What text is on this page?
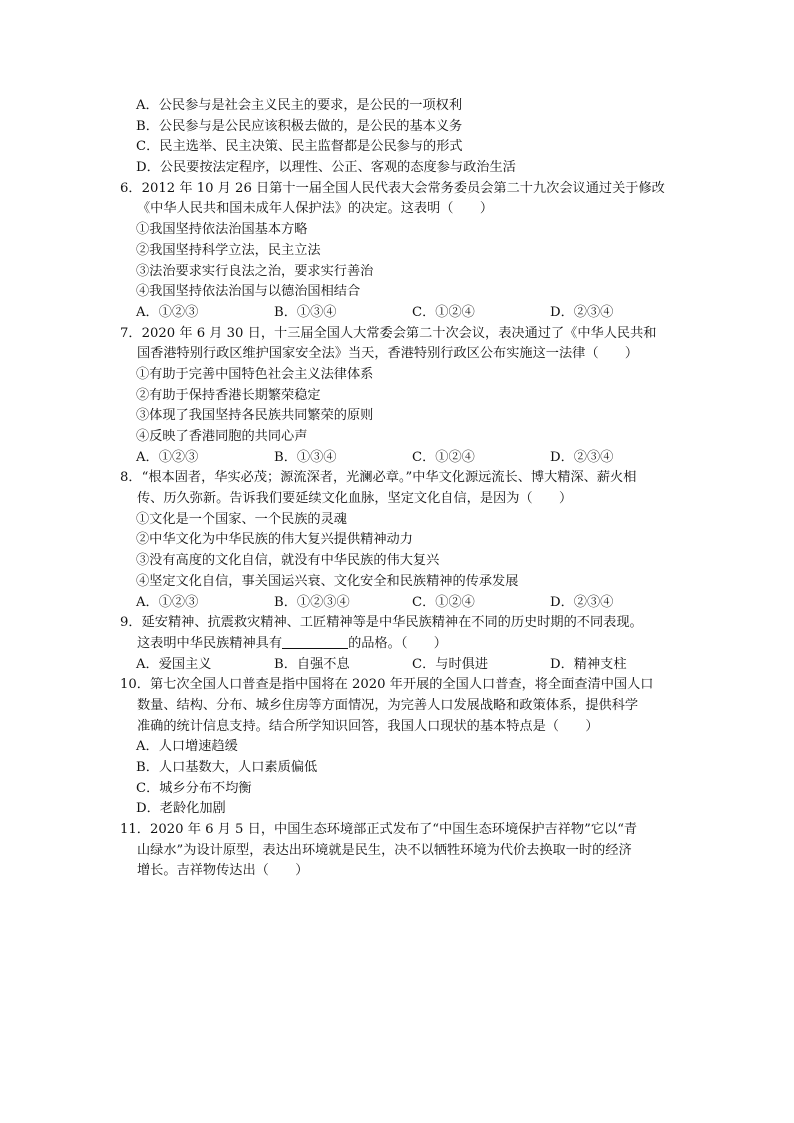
A．公民参与是社会主义民主的要求，是公民的一项权利
B．公民参与是公民应该积极去做的，是公民的基本义务
C．民主选举、民主决策、民主监督都是公民参与的形式
D．公民要按法定程序，以理性、公正、客观的态度参与政治生活
6．2012 年 10 月 26 日第十一届全国人民代表大会常务委员会第二十九次会议通过关于修改
《中华人民共和国未成年人保护法》的决定。这表明（　　）
①我国坚持依法治国基本方略
②我国坚持科学立法，民主立法
③法治要求实行良法之治，要求实行善治
④我国坚持依法治国与以德治国相结合
A．①②③	B．①③④	C．①②④	D．②③④
7．2020 年 6 月 30 日，十三届全国人大常委会第二十次会议，表决通过了《中华人民共和
国香港特别行政区维护国家安全法》当天，香港特别行政区公布实施这一法律（　　）
①有助于完善中国特色社会主义法律体系
②有助于保持香港长期繁荣稳定
③体现了我国坚持各民族共同繁荣的原则
④反映了香港同胞的共同心声
A．①②③	B．①③④	C．①②④	D．②③④
8．“根本固者，华实必茂；源流深者，光澜必章。”中华文化源远流长、博大精深、薪火相
传、历久弥新。告诉我们要延续文化血脉，坚定文化自信，是因为（　　）
①文化是一个国家、一个民族的灵魂
②中华文化为中华民族的伟大复兴提供精神动力
③没有高度的文化自信，就没有中华民族的伟大复兴
④坚定文化自信，事关国运兴衰、文化安全和民族精神的传承发展
A．①②③	B．①②③④	C．①②④	D．②③④
9．延安精神、抗震救灾精神、工匠精神等是中华民族精神在不同的历史时期的不同表现。
这表明中华民族精神具有	的品格。（　　）
A．爱国主义	B．自强不息	C．与时俱进	D．精神支柱
10．第七次全国人口普查是指中国将在 2020 年开展的全国人口普查，将全面查清中国人口
数量、结构、分布、城乡住房等方面情况，为完善人口发展战略和政策体系，提供科学
准确的统计信息支持。结合所学知识回答，我国人口现状的基本特点是（　　）
A．人口增速趋缓
B．人口基数大，人口素质偏低
C．城乡分布不均衡
D．老龄化加剧
11．2020 年 6 月 5 日，中国生态环境部正式发布了“中国生态环境保护吉祥物”它以“青
山绿水”为设计原型，表达出环境就是民生，决不以牺牲环境为代价去换取一时的经济
增长。吉祥物传达出（　　）
